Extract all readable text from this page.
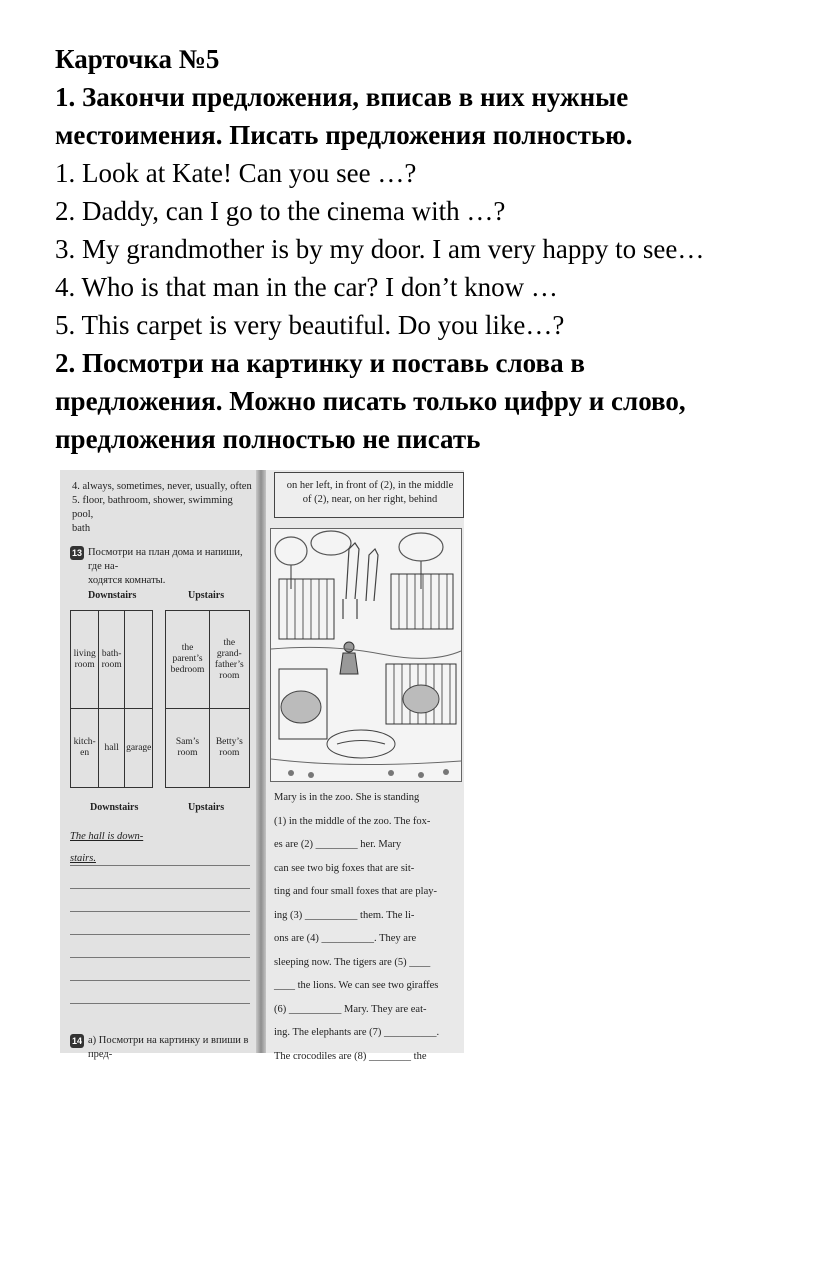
Карточка №5
1. Закончи предложения, вписав в них нужные
местоимения. Писать предложения полностью.
1. Look at Kate! Can you see …?
2. Daddy, can I go to the cinema with …?
3. My grandmother is by my door. I am very happy to see…
4. Who is that man in the car? I don’t know …
5. This carpet is very beautiful. Do you like…?
2. Посмотри на картинку и поставь слова в
предложения. Можно писать только цифру и слово,
предложения полностью не писать
4. always, sometimes, never, usually, often
5. floor, bathroom, shower, swimming pool,
bath
13 Посмотри на план дома и напиши, где на-
ходятся комнаты.
Downstairs	Upstairs
living room	bath-room			the parent’s bedroom	the grand-father’s room
kitch-en	hall	garage		Sam’s room	Betty’s room
Downstairs	Upstairs
The hall is down-
stairs.
14 а) Посмотри на картинку и впиши в пред-
on her left, in front of (2), in the middle
of (2), near, on her right, behind
Mary is in the zoo. She is standing
(1) in the middle of the zoo. The fox-
es are (2) ________ her. Mary
can see two big foxes that are sit-
ting and four small foxes that are play-
ing (3) __________ them. The li-
ons are (4) __________. They are
sleeping now. The tigers are (5) ____
____ the lions. We can see two giraffes
(6) __________ Mary. They are eat-
ing. The elephants are (7) __________.
The crocodiles are (8) ________ the
